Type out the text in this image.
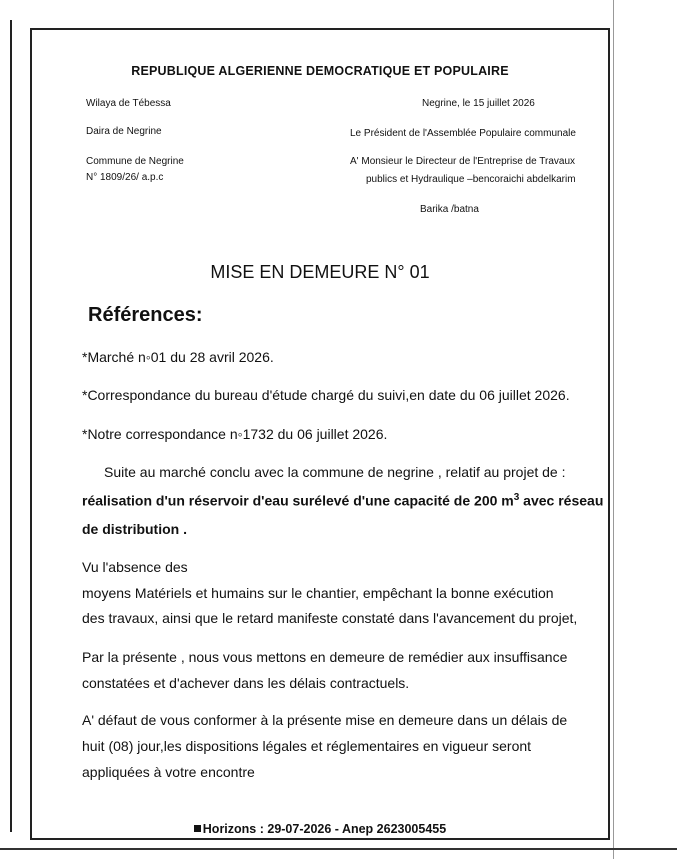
REPUBLIQUE ALGERIENNE DEMOCRATIQUE ET POPULAIRE
Wilaya de Tébessa
Daira de Negrine
Commune de Negrine
N° 1809/26/ a.p.c
Negrine, le 15 juillet 2026
Le Président de l'Assemblée Populaire communale
A' Monsieur le Directeur de l'Entreprise de Travaux
publics et Hydraulique –bencoraichi abdelkarim
Barika /batna
MISE EN DEMEURE N° 01
Références:
*Marché n◦01 du 28 avril 2026.
*Correspondance du bureau d'étude chargé du suivi,en date du 06 juillet 2026.
*Notre correspondance n◦1732 du 06 juillet 2026.
Suite au marché conclu avec la commune de negrine , relatif au projet de :
réalisation d'un réservoir d'eau surélevé d'une capacité de 200 $m^3$ avec réseau
de distribution .
Vu l'absence des
moyens Matériels et humains sur le chantier, empêchant la bonne exécution
des travaux, ainsi que le retard manifeste constaté dans l'avancement du projet,
Par la présente , nous vous mettons en demeure de remédier aux insuffisance
constatées et d'achever dans les délais contractuels.
A' défaut de vous conformer à la présente mise en demeure dans un délais de
huit (08) jour,les dispositions légales et réglementaires en vigueur seront
appliquées à votre encontre
Horizons : 29-07-2026 - Anep 2623005455
